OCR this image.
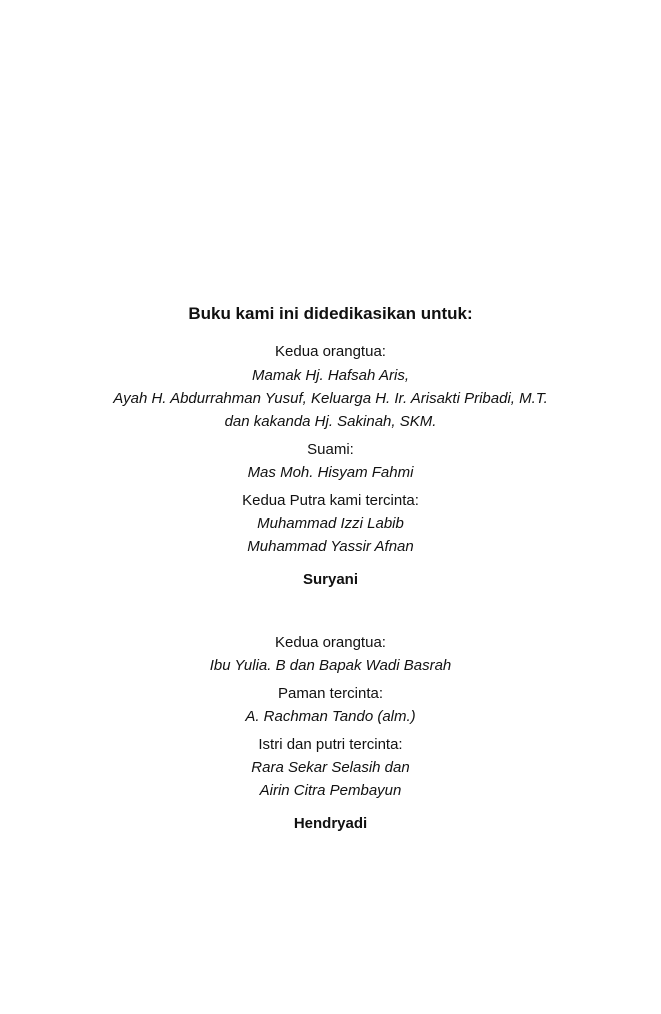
Buku kami ini didedikasikan untuk:
Kedua orangtua:
Mamak Hj. Hafsah Aris,
Ayah H. Abdurrahman Yusuf, Keluarga H. Ir. Arisakti Pribadi, M.T.
dan kakanda Hj. Sakinah, SKM.
Suami:
Mas Moh. Hisyam Fahmi
Kedua Putra kami tercinta:
Muhammad Izzi Labib
Muhammad Yassir Afnan
Suryani
Kedua orangtua:
Ibu Yulia. B dan Bapak Wadi Basrah
Paman tercinta:
A. Rachman Tando (alm.)
Istri dan putri tercinta:
Rara Sekar Selasih dan
Airin Citra Pembayun
Hendryadi
